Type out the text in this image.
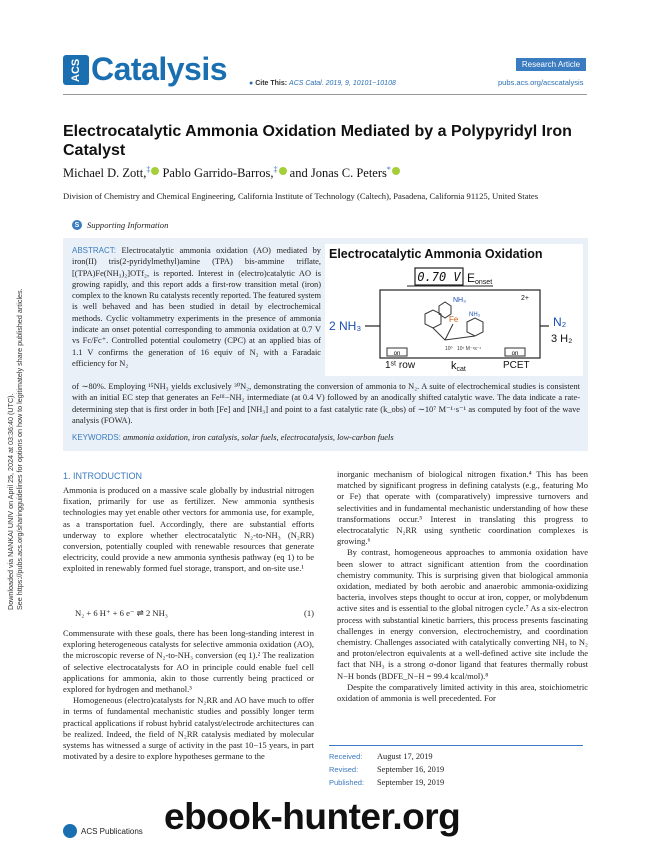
Downloaded via NANKAI UNIV on April 25, 2024 at 03:36:40 (UTC). See https://pubs.acs.org/sharingguidelines for options on how to legitimately share published articles.
ACS Catalysis	Research Article
● Cite This: ACS Catal. 2019, 9, 10101−10108	pubs.acs.org/acscatalysis
Electrocatalytic Ammonia Oxidation Mediated by a Polypyridyl Iron Catalyst
Michael D. Zott,‡ Pablo Garrido-Barros,‡ and Jonas C. Peters*
Division of Chemistry and Chemical Engineering, California Institute of Technology (Caltech), Pasadena, California 91125, United States
S Supporting Information
ABSTRACT: Electrocatalytic ammonia oxidation (AO) mediated by iron(II) tris(2-pyridylmethyl)amine (TPA) bis-ammine triflate, [(TPA)Fe(NH₃)₂]OTf₂, is reported. Interest in (electro)catalytic AO is growing rapidly, and this report adds a first-row transition metal (iron) complex to the known Ru catalysts recently reported. The featured system is well behaved and has been studied in detail by electrochemical methods. Cyclic voltammetry experiments in the presence of ammonia indicate an onset potential corresponding to ammonia oxidation at 0.7 V vs Fc/Fc⁺. Controlled potential coulometry (CPC) at an applied bias of 1.1 V confirms the generation of 16 equiv of N₂ with a Faradaic efficiency for N₂
Electrocatalytic Ammonia Oxidation
0.70 V Eonset
2+
NH₃
Fe NH₃
2 NH₃	N₂
3 H₂
on
1ˢᵗ row
10⁰ 10⁷ M⁻¹s⁻¹
kcat
on
PCET
of ∼80%. Employing ¹⁵NH₃ yields exclusively ³⁰N₂, demonstrating the conversion of ammonia to N₂. A suite of electrochemical studies is consistent with an initial EC step that generates an Feᴵᴵᴵ−NH₂ intermediate (at 0.4 V) followed by an anodically shifted catalytic wave. The data indicate a rate-determining step that is first order in both [Fe] and [NH₃] and point to a fast catalytic rate (k_obs) of ∼10⁷ M⁻¹·s⁻¹ as computed by foot of the wave analysis (FOWA).
KEYWORDS: ammonia oxidation, iron catalysis, solar fuels, electrocatalysis, low-carbon fuels
1. INTRODUCTION

Ammonia is produced on a massive scale globally by industrial nitrogen fixation, primarily for use as fertilizer. New ammonia synthesis technologies may yet enable other vectors for ammonia use, for example, as a transportation fuel. Accordingly, there are substantial efforts underway to explore whether electrocatalytic N₂-to-NH₃ (N₂RR) conversion, potentially coupled with renewable resources that generate electricity, could provide a new ammonia synthesis pathway (eq 1) to be exploited in renewably formed fuel storage, transport, and on-site use.¹

N₂ + 6 H⁺ + 6 e⁻ ⇌ 2 NH₃	(1)

Commensurate with these goals, there has been long-standing interest in exploring heterogeneous catalysts for selective ammonia oxidation (AO), the microscopic reverse of N₂-to-NH₃ conversion (eq 1).² The realization of selective electrocatalysts for AO in principle could enable fuel cell applications for ammonia, akin to those currently being practiced or explored for hydrogen and methanol.³

Homogeneous (electro)catalysts for N₂RR and AO have much to offer in terms of fundamental mechanistic studies and possibly longer term practical applications if robust hybrid catalyst/electrode architectures can be realized. Indeed, the field of N₂RR catalysis mediated by molecular systems has witnessed a surge of activity in the past 10−15 years, in part motivated by a desire to explore hypotheses germane to the

inorganic mechanism of biological nitrogen fixation.⁴ This has been matched by significant progress in defining catalysts (e.g., featuring Mo or Fe) that operate with (comparatively) impressive turnovers and selectivities and in fundamental mechanistic understanding of how these transformations occur.⁵ Interest in translating this progress to electrocatalytic N₂RR using synthetic coordination complexes is growing.⁶

By contrast, homogeneous approaches to ammonia oxidation have been slower to attract significant attention from the coordination chemistry community. This is surprising given that biological ammonia oxidation, mediated by both aerobic and anaerobic ammonia-oxidizing bacteria, involves steps thought to occur at iron, copper, or molybdenum active sites and is essential to the global nitrogen cycle.⁷ As a six-electron process with substantial kinetic barriers, this process presents fascinating challenges in energy conversion, electrochemistry, and coordination chemistry. Challenges associated with catalytically converting NH₃ to N₂ and proton/electron equivalents at a well-defined active site include the fact that NH₃ is a strong σ-donor ligand that features thermally robust N−H bonds (BDFE_N−H = 99.4 kcal/mol).⁸

Despite the comparatively limited activity in this area, stoichiometric oxidation of ammonia is well precedented. For

Received: August 17, 2019
Revised: September 16, 2019
Published: September 19, 2019
ACS Publications ebook-hunter.org
